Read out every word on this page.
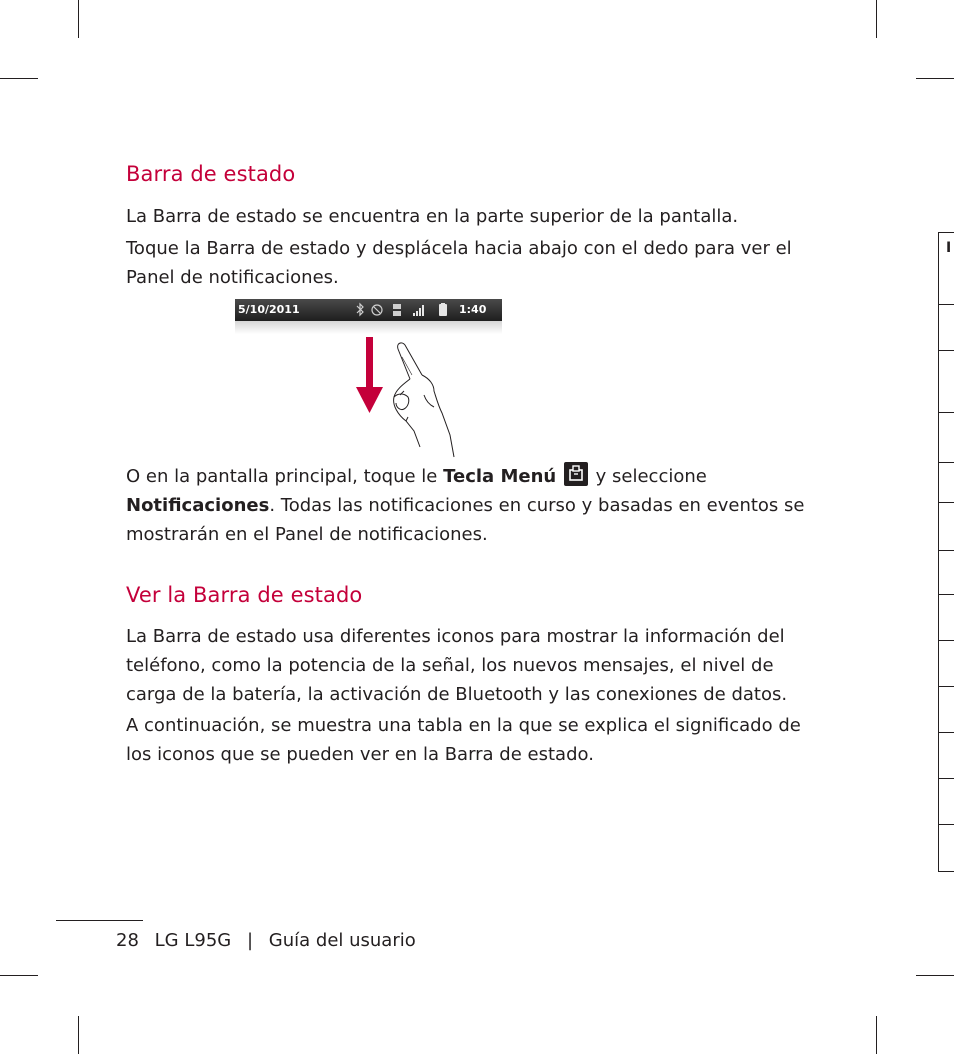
Barra de estado

La Barra de estado se encuentra en la parte superior de la pantalla.

Toque la Barra de estado y desplácela hacia abajo con el dedo para ver el Panel de notificaciones.

5/10/2011	1:40

O en la pantalla principal, toque le Tecla Menú  y seleccione
Notificaciones. Todas las notificaciones en curso y basadas en eventos se mostrarán en el Panel de notificaciones.

Ver la Barra de estado

La Barra de estado usa diferentes iconos para mostrar la información del teléfono, como la potencia de la señal, los nuevos mensajes, el nivel de carga de la batería, la activación de Bluetooth y las conexiones de datos.

A continuación, se muestra una tabla en la que se explica el significado de los iconos que se pueden ver en la Barra de estado.

I
28 LG L95G | Guía del usuario
